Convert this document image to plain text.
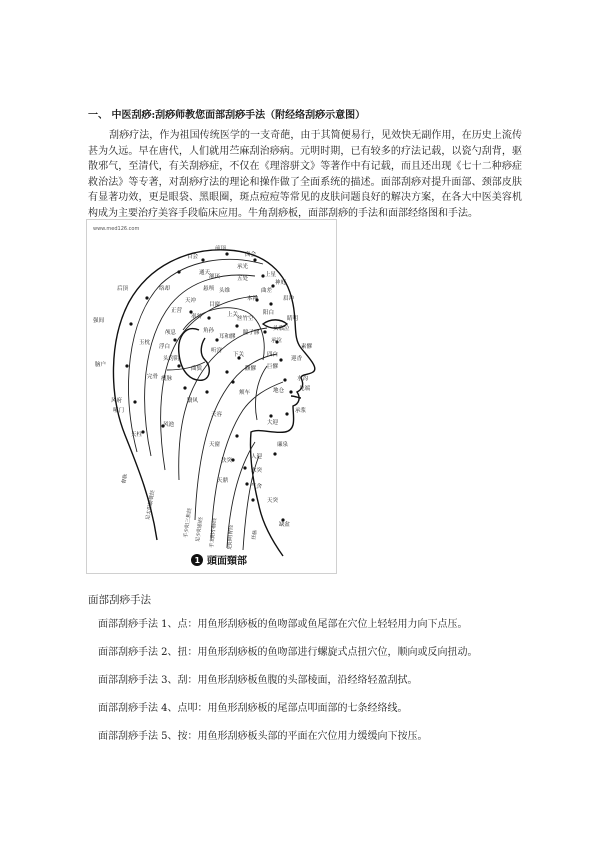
一、 中医刮痧:刮痧师教您面部刮痧手法（附经络刮痧示意图）
刮痧疗法，作为祖国传统医学的一支奇葩，由于其简便易行，见效快无副作用，在历史上流传甚为久远。早在唐代，人们就用苎麻刮治痧病。元明时期，已有较多的疗法记载，以瓷勺刮背，驱散邪气，至清代，有关刮痧症，不仅在《理溶骈文》等著作中有记载，而且还出现《七十二种痧症救治法》等专著，对刮痧疗法的理论和操作做了全面系统的描述。面部刮痧对提升面部、颈部皮肤有显著功效，更是眼袋、黑眼圈，斑点痘痘等常见的皮肤问题良好的解决方案，在各大中医美容机构成为主要治疗美容手段临床应用。牛角刮痧板，面部刮痧的手法和面部经络图和手法。
www.med126.com
前顶
囟会
上星
百会
承光
通天
五处
曲差
神庭
头维
本神
阳白
后顶	络却
目窗
眉冲
强间
脑户
风府
哑门
玉枕
天冲
率谷
角孙
颅息
瘈脉
翳风
完骨
头窍阴
浮白
丝竹空
瞳子髎
睛明
承泣
四白
巨髎
地仓
颊车
下关
上关
听宫
迎香
水沟
兑端
承浆
大迎
天容
天窗
天鼎
扶突
人迎
水突
气舍
天突
廉泉
缺盆
风池
天柱
颔厌
悬颅
耳和髎
正营
头临泣
曲鬓	颧髎
素髎
足太阳膀胱经
手少阳三焦经 足少阳胆经 手太阳小肠经 足阳明胃经	任脉
督脉
1 頭面頸部
面部刮痧手法

面部刮痧手法 1、点：用鱼形刮痧板的鱼吻部或鱼尾部在穴位上轻轻用力向下点压。

面部刮痧手法 2、扭：用鱼形刮痧板的鱼吻部进行螺旋式点扭穴位，顺向或反向扭动。

面部刮痧手法 3、刮：用鱼形刮痧板鱼腹的头部棱面，沿经络轻盈刮拭。

面部刮痧手法 4、点叩：用鱼形刮痧板的尾部点叩面部的七条经络线。

面部刮痧手法 5、按：用鱼形刮痧板头部的平面在穴位用力缓缓向下按压。
